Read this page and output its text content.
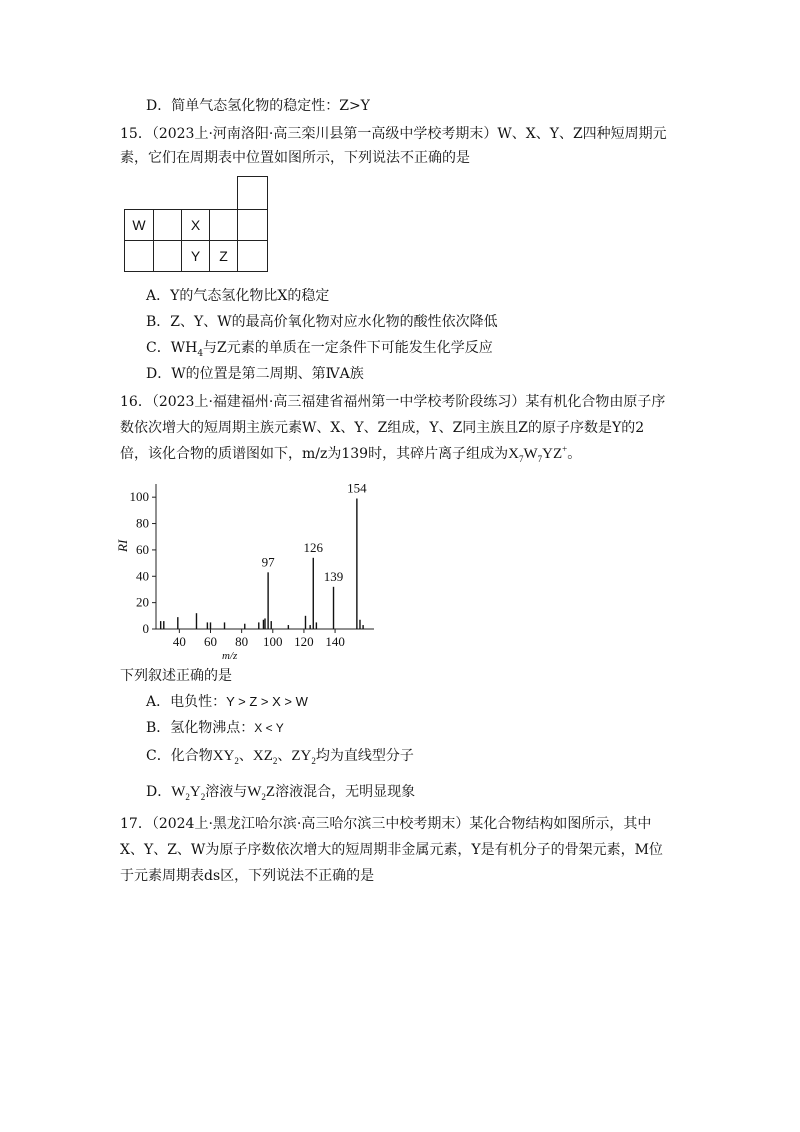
D．简单气态氢化物的稳定性：Z>Y
15．（2023上·河南洛阳·高三栾川县第一高级中学校考期末）W、X、Y、Z四种短周期元
素，它们在周期表中位置如图所示，下列说法不正确的是
W	X
Y	Z
A．Y的气态氢化物比X的稳定
B．Z、Y、W的最高价氧化物对应水化物的酸性依次降低
C．$WH_4$与Z元素的单质在一定条件下可能发生化学反应
D．W的位置是第二周期、第ⅣA族
16．（2023上·福建福州·高三福建省福州第一中学校考阶段练习）某有机化合物由原子序
数依次增大的短周期主族元素W、X、Y、Z组成，Y、Z同主族且Z的原子序数是Y的2
倍，该化合物的质谱图如下，m/z为139时，其碎片离子组成为$X_7W_7YZ^+$。
0
20
40
60
80
100
40 60 80 100 120 140
97
126
139
154
RI
m/z
下列叙述正确的是
A．电负性：Y > Z > X > W
B．氢化物沸点：X < Y
C．化合物$XY_2$、$XZ_2$、$ZY_2$均为直线型分子
D．$W_2Y_2$溶液与$W_2Z$溶液混合，无明显现象
17．（2024上·黑龙江哈尔滨·高三哈尔滨三中校考期末）某化合物结构如图所示，其中
X、Y、Z、W为原子序数依次增大的短周期非金属元素，Y是有机分子的骨架元素，M位
于元素周期表ds区，下列说法不正确的是
